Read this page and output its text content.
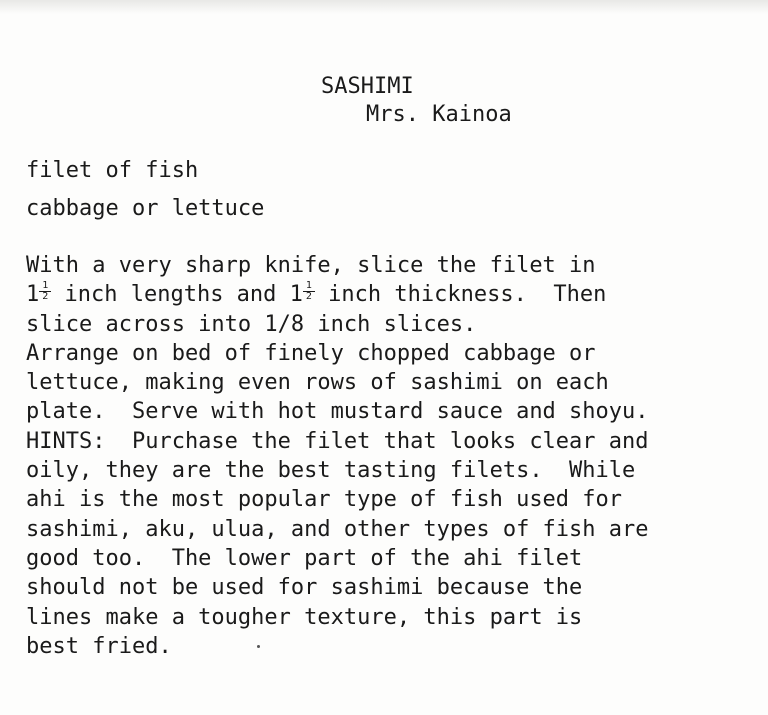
SASHIMI
Mrs. Kainoa
filet of fish
cabbage or lettuce
With a very sharp knife, slice the filet in
$1 \frac{1}{2}$ inch lengths and $1 \frac{1}{2}$ inch thickness.  Then
slice across into 1/8 inch slices.
Arrange on bed of finely chopped cabbage or
lettuce, making even rows of sashimi on each
plate.  Serve with hot mustard sauce and shoyu.
HINTS:  Purchase the filet that looks clear and
oily, they are the best tasting filets.  While
ahi is the most popular type of fish used for
sashimi, aku, ulua, and other types of fish are
good too.  The lower part of the ahi filet
should not be used for sashimi because the
lines make a tougher texture, this part is
best fried.
